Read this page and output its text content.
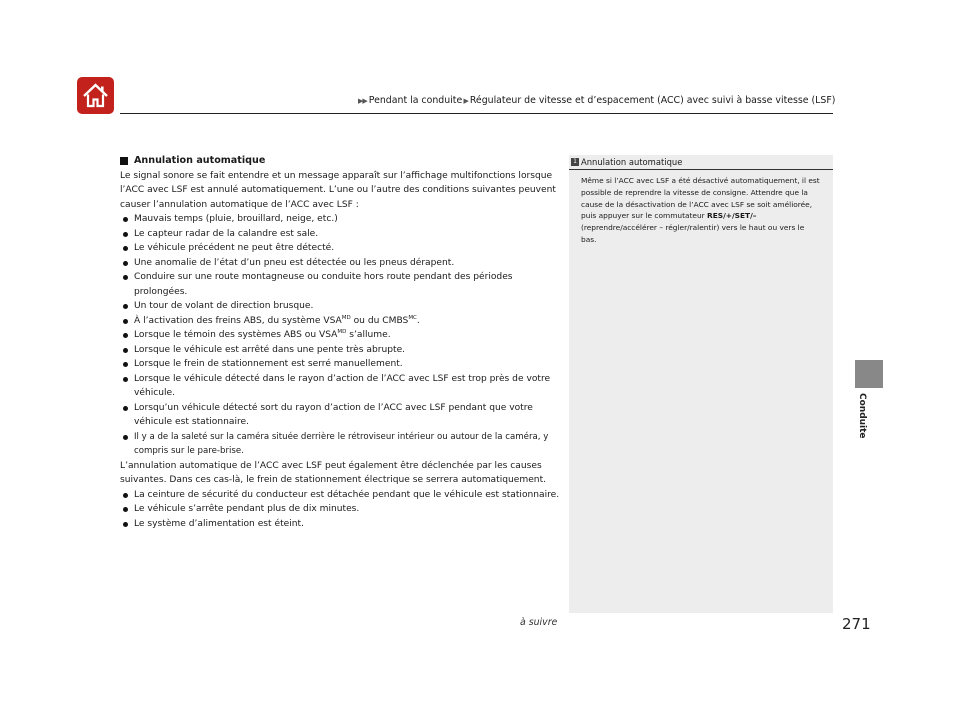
▶▶ Pendant la conduite ▶ Régulateur de vitesse et d’espacement (ACC) avec suivi à basse vitesse (LSF)
Conduite
Annulation automatique

Le signal sonore se fait entendre et un message apparaît sur l’affichage multifonctions lorsque l’ACC avec LSF est annulé automatiquement. L’une ou l’autre des conditions suivantes peuvent causer l’annulation automatique de l’ACC avec LSF :

Mauvais temps (pluie, brouillard, neige, etc.)
Le capteur radar de la calandre est sale.
Le véhicule précédent ne peut être détecté.
Une anomalie de l’état d’un pneu est détectée ou les pneus dérapent.
Conduire sur une route montagneuse ou conduite hors route pendant des périodes prolongées.
Un tour de volant de direction brusque.
À l’activation des freins ABS, du système $VSA^{MD}$ ou du $CMBS^{MC}$.
Lorsque le témoin des systèmes ABS ou $VSA^{MD}$ s’allume.
Lorsque le véhicule est arrêté dans une pente très abrupte.
Lorsque le frein de stationnement est serré manuellement.
Lorsque le véhicule détecté dans le rayon d’action de l’ACC avec LSF est trop près de votre véhicule.
Lorsqu’un véhicule détecté sort du rayon d’action de l’ACC avec LSF pendant que votre véhicule est stationnaire.
Il y a de la saleté sur la caméra située derrière le rétroviseur intérieur ou autour de la caméra, y compris sur le pare-brise.

L’annulation automatique de l’ACC avec LSF peut également être déclenchée par les causes suivantes. Dans ces cas-là, le frein de stationnement électrique se serrera automatiquement.

La ceinture de sécurité du conducteur est détachée pendant que le véhicule est stationnaire.
Le véhicule s’arrête pendant plus de dix minutes.
Le système d’alimentation est éteint.
1 Annulation automatique
Même si l’ACC avec LSF a été désactivé automatiquement, il est possible de reprendre la vitesse de consigne. Attendre que la cause de la désactivation de l’ACC avec LSF se soit améliorée, puis appuyer sur le commutateur RES/+/SET/– (reprendre/accélérer – régler/ralentir) vers le haut ou vers le bas.
à suivre	271
